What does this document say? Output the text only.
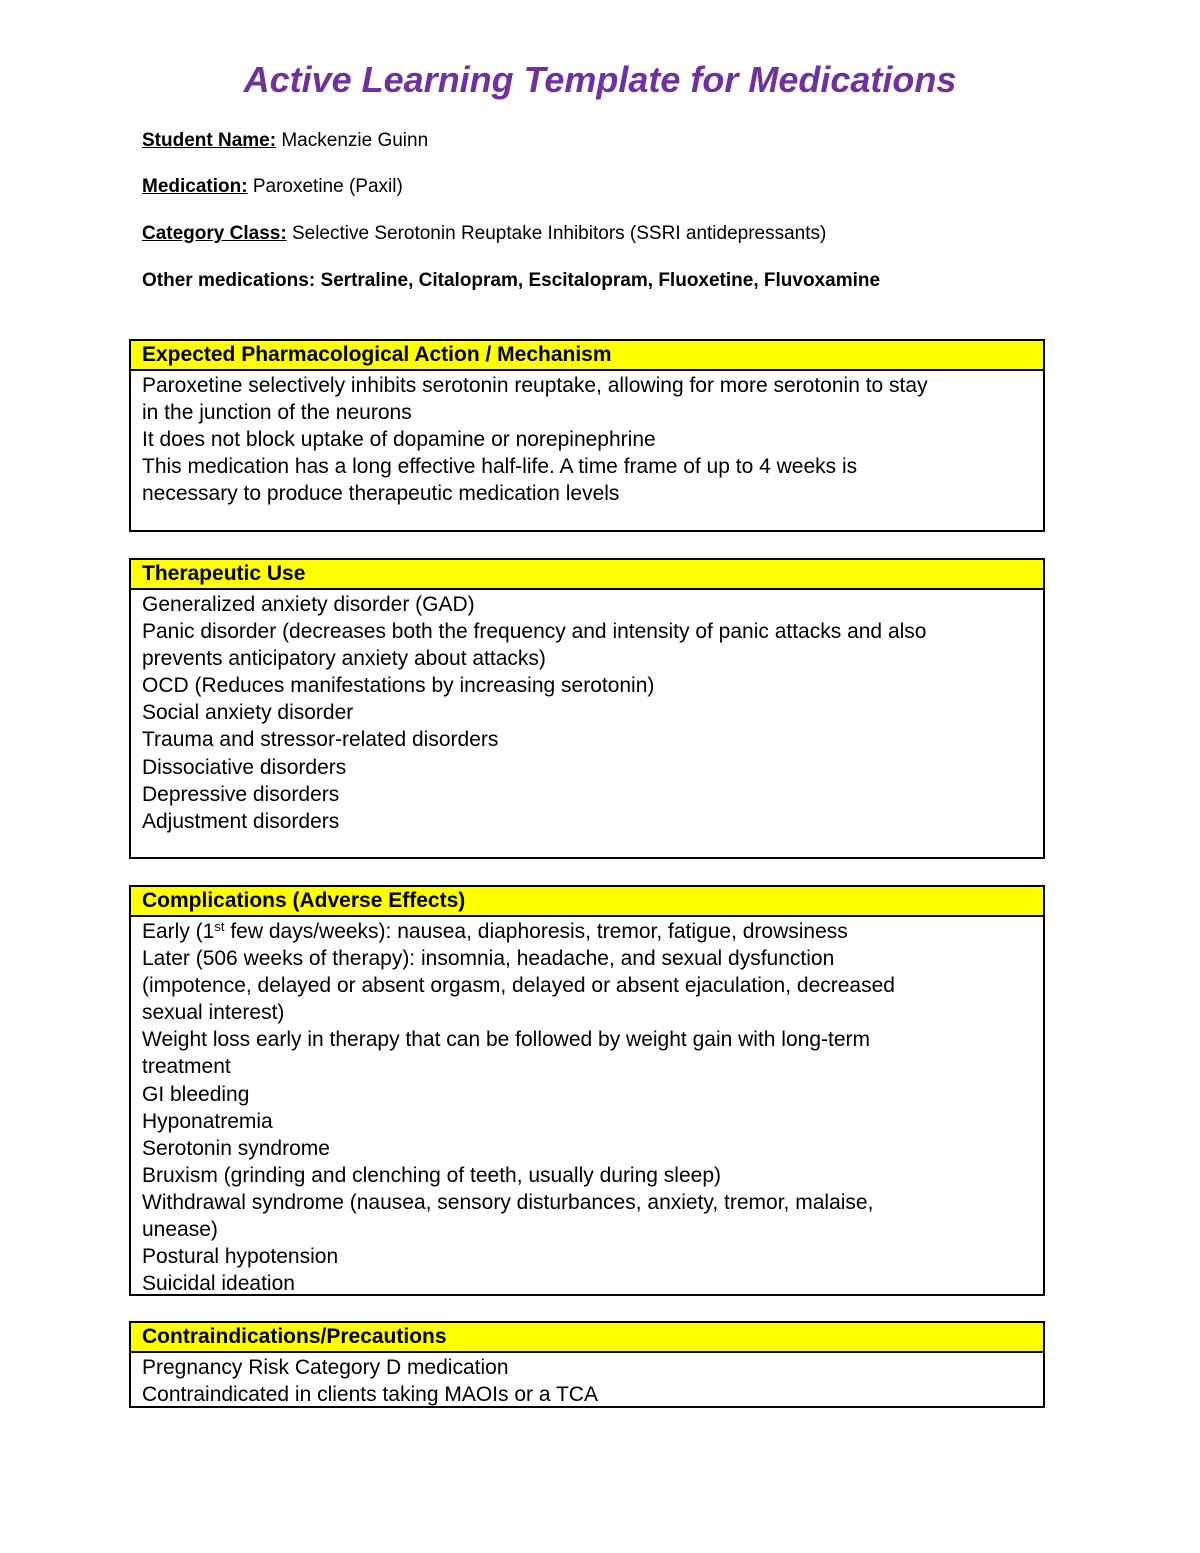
Active Learning Template for Medications
Student Name: Mackenzie Guinn
Medication: Paroxetine (Paxil)
Category Class: Selective Serotonin Reuptake Inhibitors (SSRI antidepressants)
Other medications: Sertraline, Citalopram, Escitalopram, Fluoxetine, Fluvoxamine
Expected Pharmacological Action / Mechanism
Paroxetine selectively inhibits serotonin reuptake, allowing for more serotonin to stay
in the junction of the neurons
It does not block uptake of dopamine or norepinephrine
This medication has a long effective half-life. A time frame of up to 4 weeks is
necessary to produce therapeutic medication levels
Therapeutic Use
Generalized anxiety disorder (GAD)
Panic disorder (decreases both the frequency and intensity of panic attacks and also
prevents anticipatory anxiety about attacks)
OCD (Reduces manifestations by increasing serotonin)
Social anxiety disorder
Trauma and stressor-related disorders
Dissociative disorders
Depressive disorders
Adjustment disorders
Complications (Adverse Effects)
Early (1st few days/weeks): nausea, diaphoresis, tremor, fatigue, drowsiness
Later (506 weeks of therapy): insomnia, headache, and sexual dysfunction
(impotence, delayed or absent orgasm, delayed or absent ejaculation, decreased
sexual interest)
Weight loss early in therapy that can be followed by weight gain with long-term
treatment
GI bleeding
Hyponatremia
Serotonin syndrome
Bruxism (grinding and clenching of teeth, usually during sleep)
Withdrawal syndrome (nausea, sensory disturbances, anxiety, tremor, malaise,
unease)
Postural hypotension
Suicidal ideation
Contraindications/Precautions
Pregnancy Risk Category D medication
Contraindicated in clients taking MAOIs or a TCA
